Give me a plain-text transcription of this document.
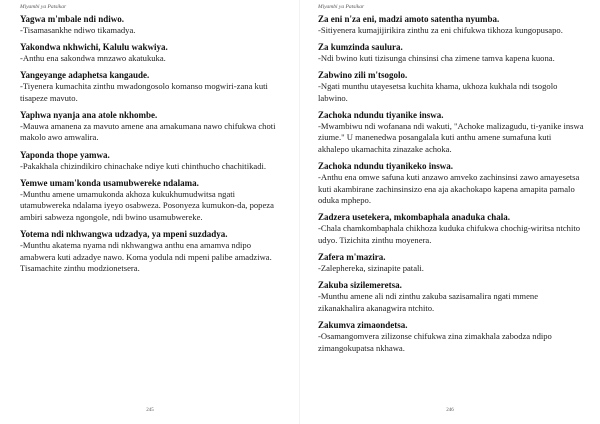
Miyambi ya Patsikar
Yagwa m'mbale ndi ndiwo.
-Tisamasankhe ndiwo tikamadya.
Yakondwa nkhwichi, Kalulu wakwiya.
-Anthu ena sakondwa mnzawo akatukuka.
Yangeyange adaphetsa kangaude.
-Tiyenera kumachita zinthu mwadongosolo komanso mogwiri-zana kuti tisapeze mavuto.
Yaphwa nyanja ana atole nkhombe.
-Mauwa amanena za mavuto amene ana amakumana nawo chifukwa choti makolo awo amwalira.
Yaponda thope yamwa.
-Pakakhala chizindikiro chinachake ndiye kuti chinthucho chachitikadi.
Yemwe umam'konda usamubwereke ndalama.
-Munthu amene umamukonda akhoza kukukhumudwitsa ngati utamubwereka ndalama iyeyo osabweza. Posonyeza kumukon-da, popeza ambiri sabweza ngongole, ndi bwino usamubwereke.
Yotema ndi nkhwangwa udzadya, ya mpeni suzdadya.
-Munthu akatema nyama ndi nkhwangwa anthu ena amamva ndipo amabwera kuti adzadye nawo. Koma yodula ndi mpeni palibe amadziwa. Tisamachite zinthu modzionetsera.
245
Miyambi ya Patsikar
Za eni n'za eni, madzi amoto satentha nyumba.
-Sitiyenera kumajijirikira zinthu za eni chifukwa tikhoza kungopusapo.
Za kumzinda saulura.
-Ndi bwino kuti tizisunga chinsinsi cha zimene tamva kapena kuona.
Zabwino zili m'tsogolo.
-Ngati munthu utayesetsa kuchita khama, ukhoza kukhala ndi tsogolo labwino.
Zachoka ndundu tiyanike inswa.
-Mwambiwu ndi wofanana ndi wakuti, "Achoke malizagudu, ti-yanike inswa ziume." U manenedwa posangalala kuti anthu amene sumafuna kuti akhalepo ukamachita zinazake achoka.
Zachoka ndundu tiyanikeko inswa.
-Anthu ena omwe safuna kuti anzawo amveko zachinsinsi zawo amayesetsa kuti akambirane zachinsinsizo ena aja akachokapo kapena amapita pamalo oduka mphepo.
Zadzera usetekera, mkombaphala anaduka chala.
-Chala chamkombaphala chikhoza kuduka chifukwa chochig-wiritsa ntchito udyo. Tizichita zinthu moyenera.
Zafera m'mazira.
-Zalepherekа, sizinapite patali.
Zakuba sizilemeretsa.
-Munthu amene ali ndi zinthu zakuba sazisamalira ngati mmene zikanakhalira akanagwira ntchito.
Zakumva zimaondetsa.
-Osamangomvera zilizonse chifukwa zina zimakhala zabodza ndipo zimangokupatsa nkhawa.
246
